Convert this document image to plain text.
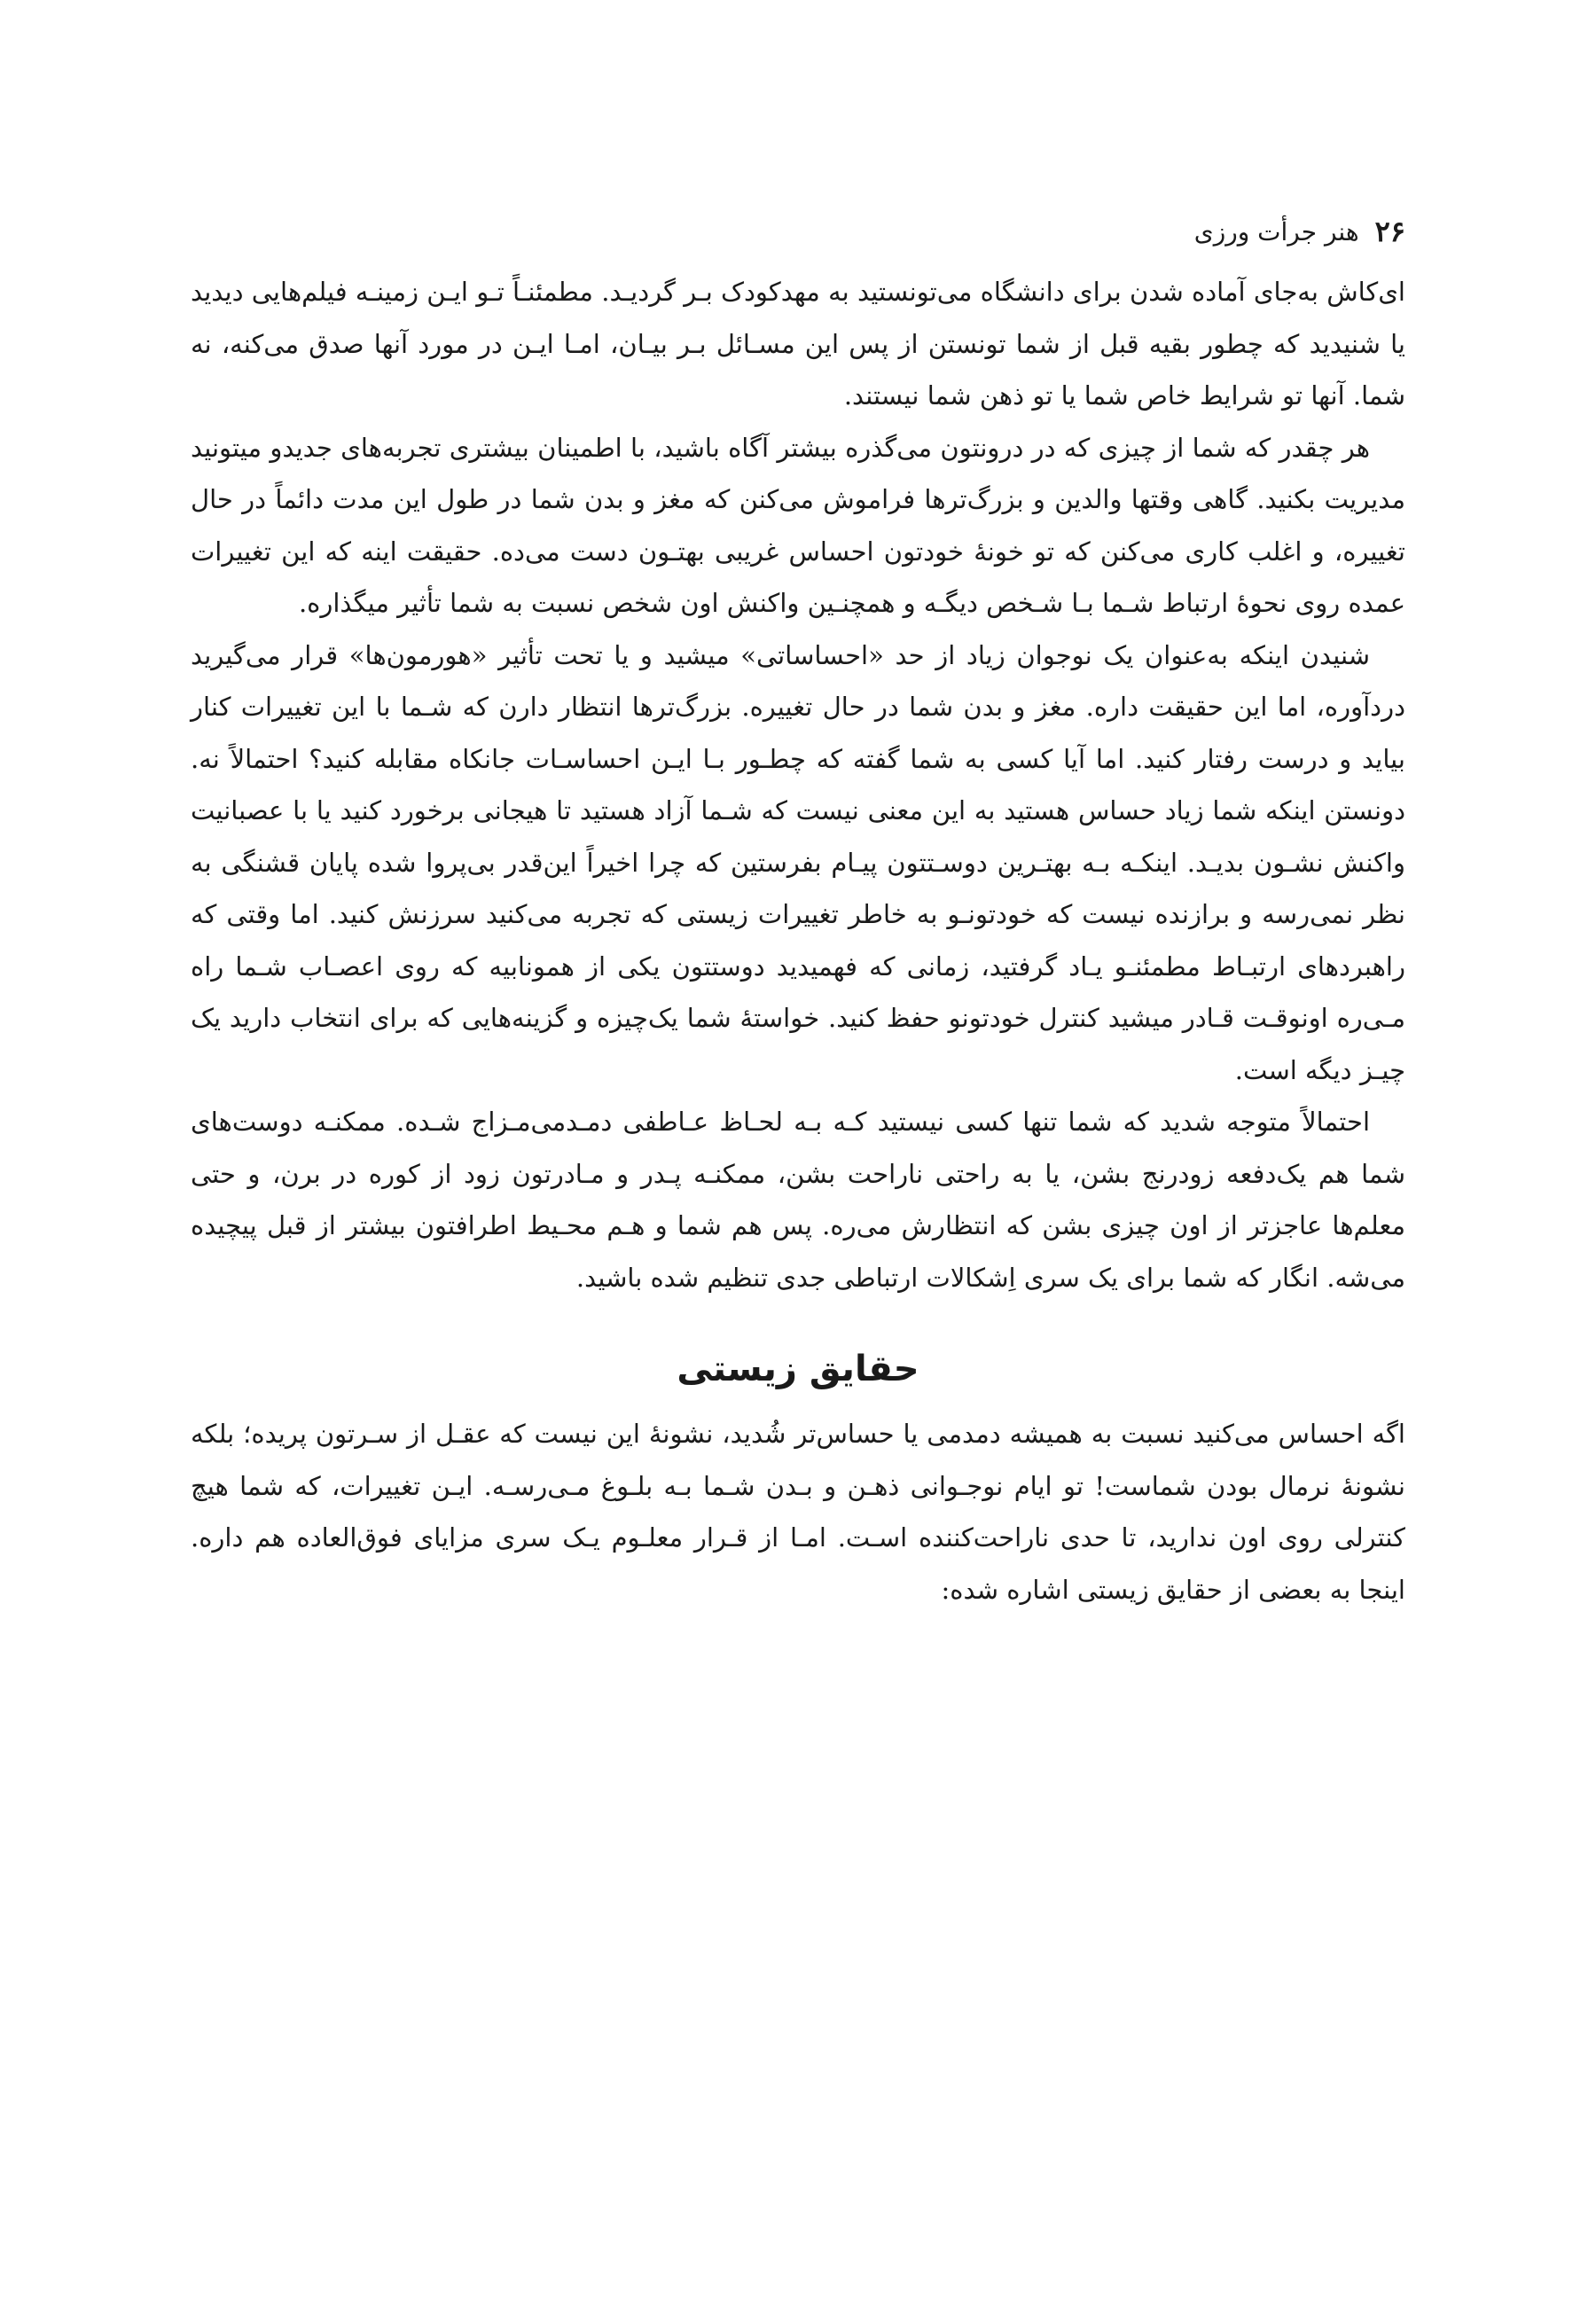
۲۶
هنر جرأت ورزی

ای‌کاش به‌جای آماده شدن برای دانشگاه می‌تونستید به مهدکودک بـر گردیـد. مطمئنـاً تـو ایـن زمینـه فیلم‌هایی دیدید یا شنیدید که چطور بقیه قبل از شما تونستن از پس این مسـائل بـر بیـان، امـا ایـن در مورد آنها صدق می‌کنه، نه شما. آنها تو شرایط خاص شما یا تو ذهن شما نیستند.

هر چقدر که شما از چیزی که در درونتون می‌گذره بیشتر آگاه باشید، با اطمینان بیشتری تجربه‌های جدیدو میتونید مدیریت بکنید. گاهی وقتها والدین و بزرگ‌ترها فراموش می‌کنن که مغز و بدن شما در طول این مدت دائماً در حال تغییره، و اغلب کاری می‌کنن که تو خونهٔ خودتون احساس غریبی بهتـون دست می‌ده. حقیقت اینه که این تغییرات عمده روی نحوهٔ ارتباط شـما بـا شـخص دیگـه و همچنـین واکنش اون شخص نسبت به شما تأثیر میگذاره.

شنیدن اینکه به‌عنوان یک نوجوان زیاد از حد «احساساتی» میشید و یا تحت تأثیر «هورمون‌ها» قرار می‌گیرید دردآوره، اما این حقیقت داره. مغز و بدن شما در حال تغییره. بزرگ‌ترها انتظار دارن که شـما با این تغییرات کنار بیاید و درست رفتار کنید. اما آیا کسی به شما گفته که چطـور بـا ایـن احساسـات جانکاه مقابله کنید؟ احتمالاً نه. دونستن اینکه شما زیاد حساس هستید به این معنی نیست که شـما آزاد هستید تا هیجانی برخورد کنید یا با عصبانیت واکنش نشـون بدیـد. اینکـه بـه بهتـرین دوسـتتون پیـام بفرستین که چرا اخیراً این‌قدر بی‌پروا شده پایان قشنگی به نظر نمی‌رسه و برازنده نیست که خودتونـو به خاطر تغییرات زیستی که تجربه می‌کنید سرزنش کنید. اما وقتی که راهبردهای ارتبـاط مطمئنـو یـاد گرفتید، زمانی که فهمیدید دوستتون یکی از همونابیه که روی اعصـاب شـما راه مـی‌ره اونوقـت قـادر میشید کنترل خودتونو حفظ کنید. خواستهٔ شما یک‌چیزه و گزینه‌هایی که برای انتخاب دارید یک چیـز دیگه است.

احتمالاً متوجه شدید که شما تنها کسی نیستید کـه بـه لحـاظ عـاطفی دمـدمی‌مـزاج شـده. ممکنـه دوست‌های شما هم یک‌دفعه زودرنج بشن، یا به راحتی ناراحت بشن، ممکنـه پـدر و مـادرتون زود از کوره در برن، و حتی معلم‌ها عاجزتر از اون چیزی بشن که انتظارش می‌ره. پس هم شما و هـم محـیط اطرافتون بیشتر از قبل پیچیده می‌شه. انگار که شما برای یک سری اِشکالات ارتباطی جدی تنظیم شده باشید.

حقایق زیستی

اگه احساس می‌کنید نسبت به همیشه دمدمی یا حساس‌تر شُدید، نشونهٔ این نیست که عقـل از سـرتون پریده؛ بلکه نشونهٔ نرمال بودن شماست! تو ایام نوجـوانی ذهـن و بـدن شـما بـه بلـوغ مـی‌رسـه. ایـن تغییرات، که شما هیچ کنترلی روی اون ندارید، تا حدی ناراحت‌کننده اسـت. امـا از قـرار معلـوم یـک سری مزایای فوق‌العاده هم داره. اینجا به بعضی از حقایق زیستی اشاره شده:
